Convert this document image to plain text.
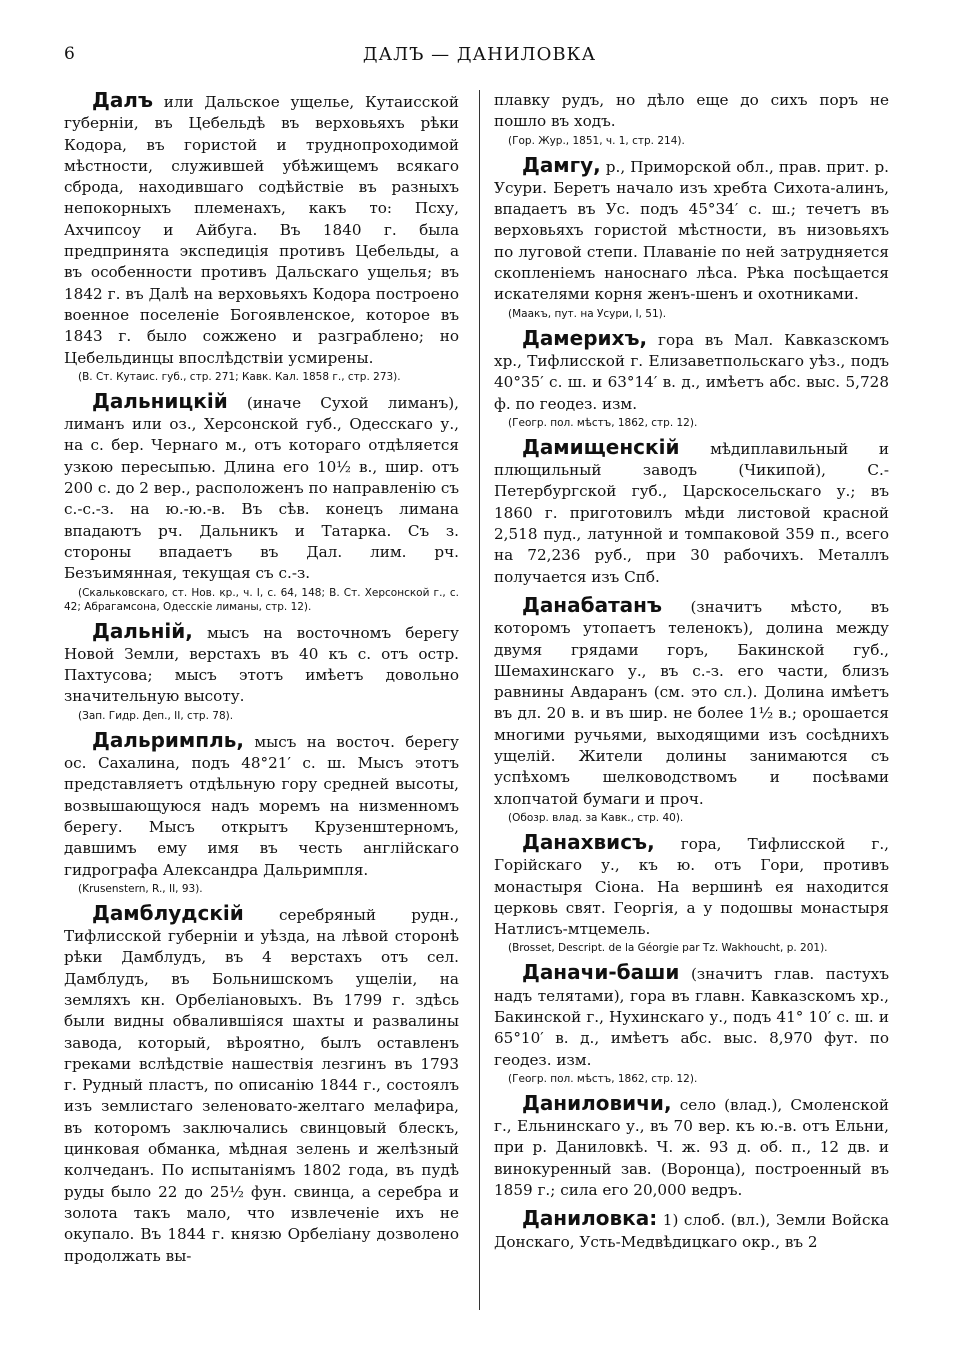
6	ДАЛЪ — ДАНИЛОВКА

Далъ или Дальское ущелье, Кутаисской губерніи, въ Цебельдѣ въ верховьяхъ рѣки Кодора, въ гористой и труднопроходимой мѣстности, служившей убѣжищемъ всякаго сброда, находившаго содѣйствіе въ разныхъ непокорныхъ племенахъ, какъ то: Псху, Ахчипсоу и Айбуга. Въ 1840 г. была предпринята экспедиція противъ Цебельды, а въ особенности противъ Дальскаго ущелья; въ 1842 г. въ Далѣ на верховьяхъ Кодора построено военное поселеніе Богоявленское, которое въ 1843 г. было сожжено и разграблено; но Цебельдинцы впослѣдствіи усмирены.
(В. Ст. Кутаис. губ., стр. 271; Кавк. Кал. 1858 г., стр. 273).

Дальницкій (иначе Сухой лиманъ), лиманъ или оз., Херсонской губ., Одесскаго у., на с. бер. Чернаго м., отъ котораго отдѣляется узкою пересыпью. Длина его 10½ в., шир. отъ 200 с. до 2 вер., расположенъ по направленію съ с.-с.-з. на ю.-ю.-в. Въ сѣв. конецъ лимана впадаютъ рч. Дальникъ и Татарка. Съ з. стороны впадаетъ въ Дал. лим. рч. Безъимянная, текущая съ с.-з.
(Скальковскаго, ст. Нов. кр., ч. I, с. 64, 148; В. Ст. Херсонской г., с. 42; Абрагамсона, Одесскіе лиманы, стр. 12).

Дальній, мысъ на восточномъ берегу Новой Земли, верстахъ въ 40 къ с. отъ остр. Пахтусова; мысъ этотъ имѣетъ довольно значительную высоту.
(Зап. Гидр. Деп., II, стр. 78).

Дальримпль, мысъ на восточ. берегу ос. Сахалина, подъ 48°21′ с. ш. Мысъ этотъ представляетъ отдѣльную гору средней высоты, возвышающуюся надъ моремъ на низменномъ берегу. Мысъ открытъ Крузенштерномъ, давшимъ ему имя въ честь англійскаго гидрографа Александра Дальримпля.
(Krusenstern, R., II, 93).

Дамблудскій серебряный рудн., Тифлисской губерніи и уѣзда, на лѣвой сторонѣ рѣки Дамблудъ, въ 4 верстахъ отъ сел. Дамблудъ, въ Больнишскомъ ущеліи, на земляхъ кн. Орбеліановыхъ. Въ 1799 г. здѣсь были видны обвалившіяся шахты и развалины завода, который, вѣроятно, былъ оставленъ греками вслѣдствіе нашествія лезгинъ въ 1793 г. Рудный пластъ, по описанію 1844 г., состоялъ изъ землистаго зеленовато-желтаго мелафира, въ которомъ заключались свинцовый блескъ, цинковая обманка, мѣдная зелень и желѣзный колчеданъ. По испытаніямъ 1802 года, въ пудѣ руды было 22 до 25½ фун. свинца, а серебра и золота такъ мало, что извлеченіе ихъ не окупало. Въ 1844 г. князю Орбеліану дозволено продолжать вы-

плавку рудъ, но дѣло еще до сихъ поръ не пошло въ ходъ.
(Гор. Жур., 1851, ч. 1, стр. 214).

Дамгу, р., Приморской обл., прав. прит. р. Усури. Беретъ начало изъ хребта Сихота-алинъ, впадаетъ въ Ус. подъ 45°34′ с. ш.; течетъ въ верховьяхъ гористой мѣстности, въ низовьяхъ по луговой степи. Плаваніе по ней затрудняется скопленіемъ наноснаго лѣса. Рѣка посѣщается искателями корня женъ-шенъ и охотниками.
(Маакъ, пут. на Усури, I, 51).

Дамерихъ, гора въ Мал. Кавказскомъ хр., Тифлисской г. Елизаветпольскаго уѣз., подъ 40°35′ с. ш. и 63°14′ в. д., имѣетъ абс. выс. 5,728 ф. по геодез. изм.
(Геогр. пол. мѣстъ, 1862, стр. 12).

Дамищенскій мѣдиплавильный и плющильный заводъ (Чикипой), С.-Петербургской губ., Царскосельскаго у.; въ 1860 г. приготовилъ мѣди листовой красной 2,518 пуд., латунной и томпаковой 359 п., всего на 72,236 руб., при 30 рабочихъ. Металлъ получается изъ Спб.

Данабатанъ (значитъ мѣсто, въ которомъ утопаетъ теленокъ), долина между двумя грядами горъ, Бакинской губ., Шемахинскаго у., въ с.-з. его части, близъ равнины Авдаранъ (см. это сл.). Долина имѣетъ въ дл. 20 в. и въ шир. не более 1½ в.; орошается многими ручьями, выходящими изъ сосѣднихъ ущелій. Жители долины занимаются съ успѣхомъ шелководствомъ и посѣвами хлопчатой бумаги и проч.
(Обозр. влад. за Кавк., стр. 40).

Данахвисъ, гора, Тифлисской г., Горійскаго у., къ ю. отъ Гори, противъ монастыря Сіона. На вершинѣ ея находится церковь свят. Георгія, а у подошвы монастыря Натлисъ-мтцемель.
(Brosset, Descript. de la Géorgie par Tz. Wakhoucht, p. 201).

Даначи-баши (значитъ глав. пастухъ надъ телятами), гора въ главн. Кавказскомъ хр., Бакинской г., Нухинскаго у., подъ 41° 10′ с. ш. и 65°10′ в. д., имѣетъ абс. выс. 8,970 фут. по геодез. изм.
(Геогр. пол. мѣстъ, 1862, стр. 12).

Даниловичи, село (влад.), Смоленской г., Ельнинскаго у., въ 70 вер. къ ю.-в. отъ Ельни, при р. Даниловкѣ. Ч. ж. 93 д. об. п., 12 дв. и винокуренный зав. (Воронца), построенный въ 1859 г.; сила его 20,000 ведръ.

Даниловка: 1) слоб. (вл.), Земли Войска Донскаго, Усть-Медвѣдицкаго окр., въ 2
